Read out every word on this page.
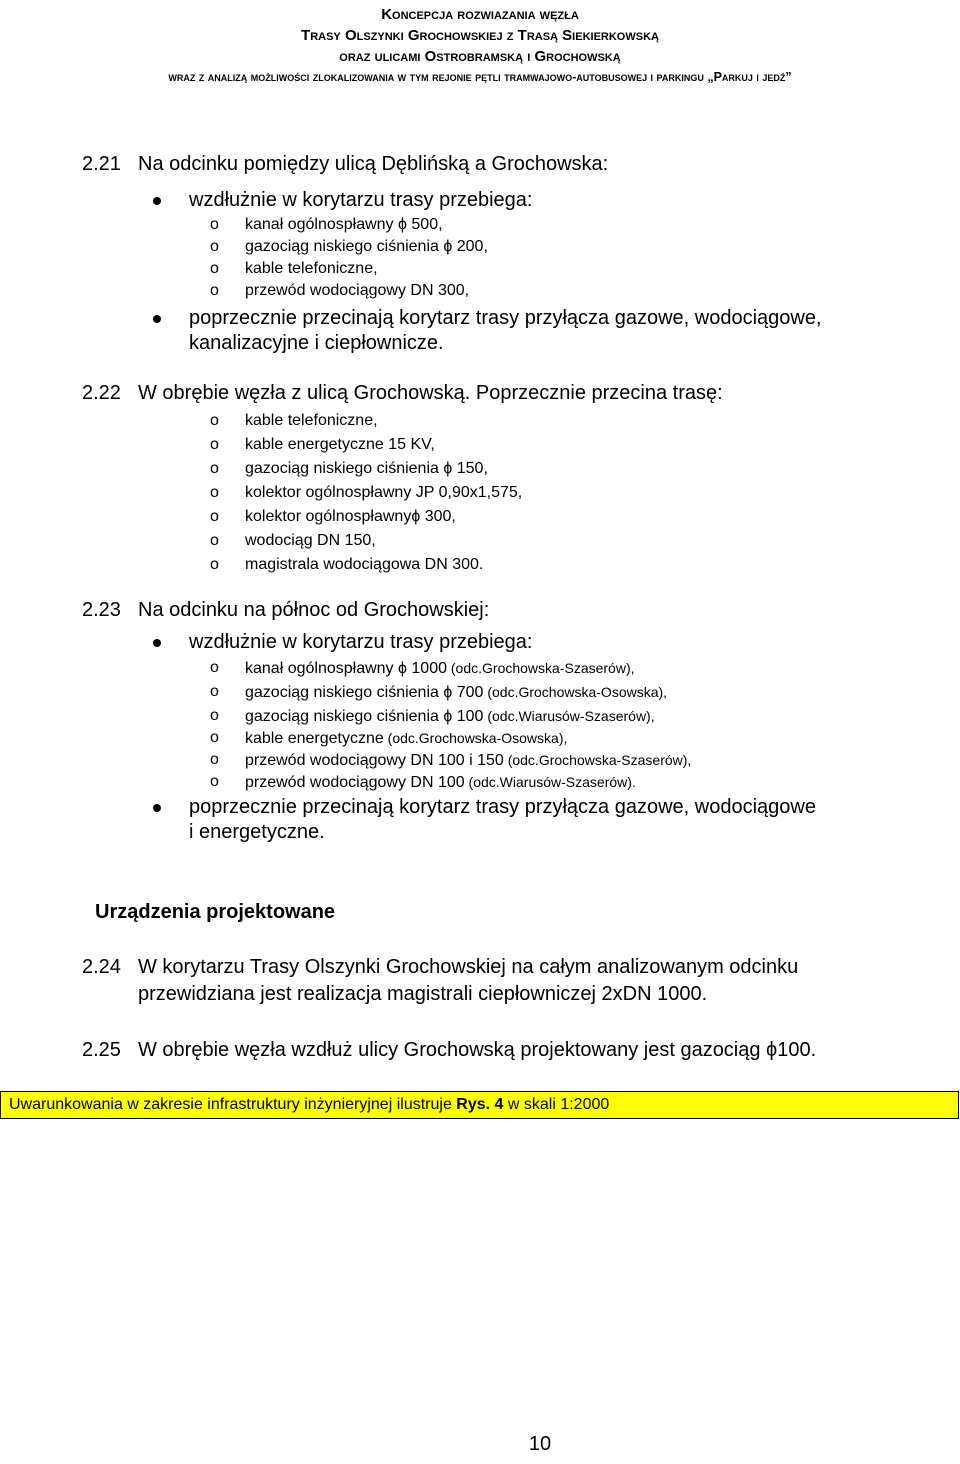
Koncepcja rozwiazania węzła
Trasy Olszynki Grochowskiej z Trasą Siekierkowską
oraz ulicami Ostrobramską i Grochowską
wraz z analizą możliwości zlokalizowania w tym rejonie pętli tramwajowo-autobusowej i parkingu „Parkuj i jedź”
2.21 Na odcinku pomiędzy ulicą Dęblińską a Grochowska:
wzdłużnie w korytarzu trasy przebiega:
o kanał ogólnospławny ϕ 500,
o gazociąg niskiego ciśnienia ϕ 200,
o kable telefoniczne,
o przewód wodociągowy DN 300,
poprzecznie przecinają korytarz trasy przyłącza gazowe, wodociągowe,
kanalizacyjne i ciepłownicze.
2.22 W obrębie węzła z ulicą Grochowską. Poprzecznie przecina trasę:
o kable telefoniczne,
o kable energetyczne 15 KV,
o gazociąg niskiego ciśnienia ϕ 150,
o kolektor ogólnospławny JP 0,90x1,575,
o kolektor ogólnospławnyϕ 300,
o wodociąg DN 150,
o magistrala wodociągowa DN 300.
2.23 Na odcinku na północ od Grochowskiej:
wzdłużnie w korytarzu trasy przebiega:
o kanał ogólnospławny ϕ 1000 (odc.Grochowska-Szaserów),
o gazociąg niskiego ciśnienia ϕ 700 (odc.Grochowska-Osowska),
o gazociąg niskiego ciśnienia ϕ 100 (odc.Wiarusów-Szaserów),
o kable energetyczne (odc.Grochowska-Osowska),
o przewód wodociągowy DN 100 i 150 (odc.Grochowska-Szaserów),
o przewód wodociągowy DN 100 (odc.Wiarusów-Szaserów).
poprzecznie przecinają korytarz trasy przyłącza gazowe, wodociągowe
i energetyczne.
Urządzenia projektowane
2.24 W korytarzu Trasy Olszynki Grochowskiej na całym analizowanym odcinku
przewidziana jest realizacja magistrali ciepłowniczej 2xDN 1000.
2.25 W obrębie węzła wzdłuż ulicy Grochowską projektowany jest gazociąg ϕ100.
Uwarunkowania w zakresie infrastruktury inżynieryjnej ilustruje Rys. 4 w skali 1:2000
10
